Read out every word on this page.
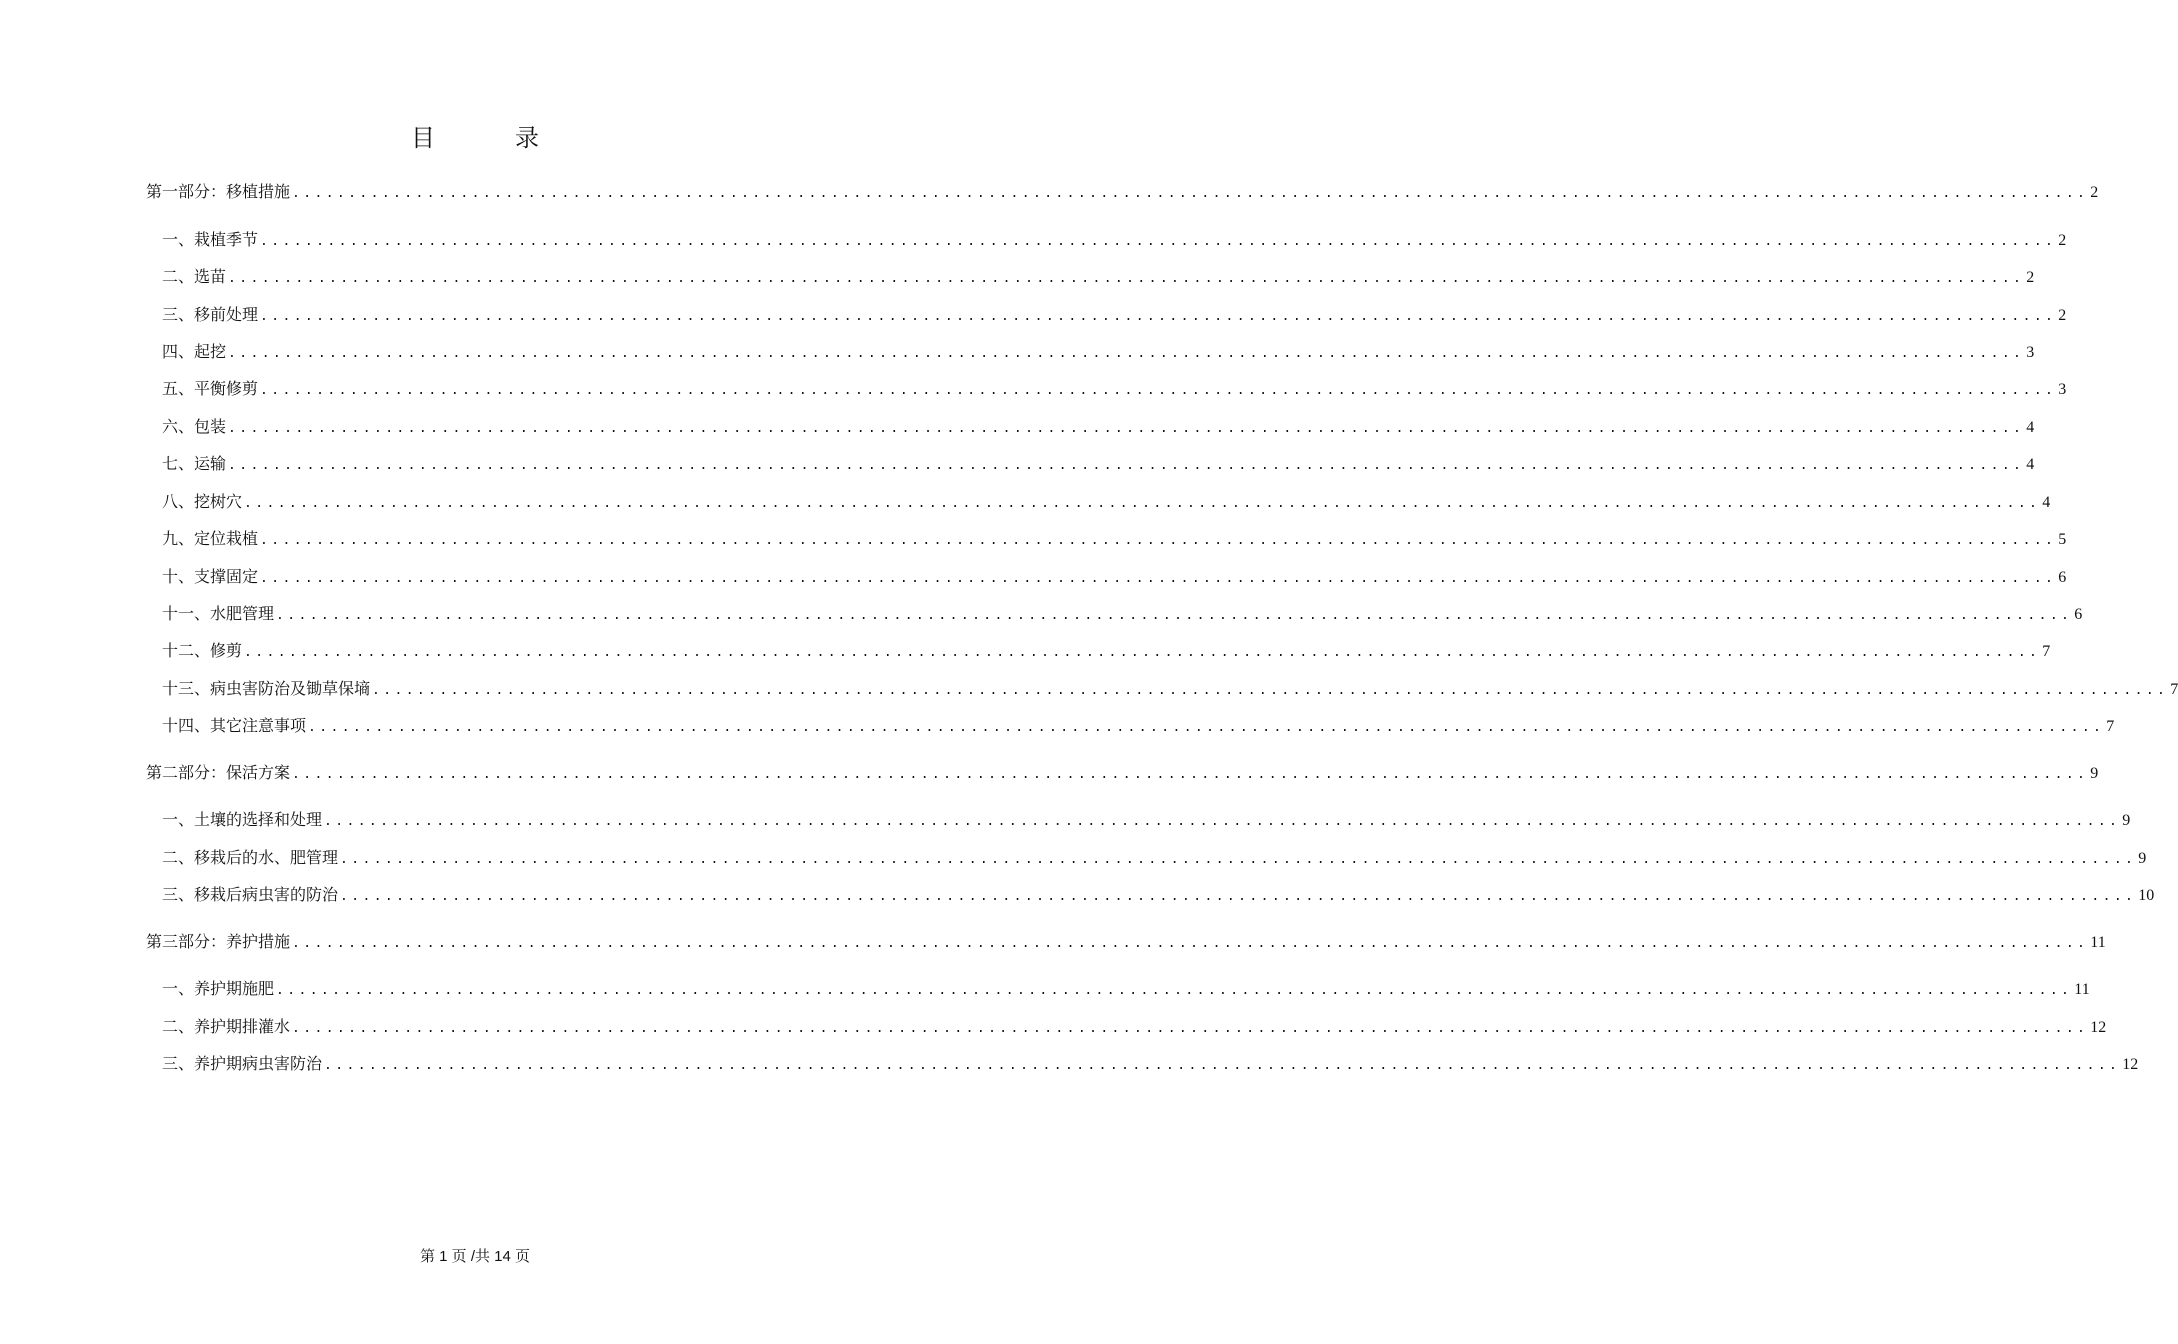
目　录
第一部分：移植措施 ................................................................................................................................................................ 2
一、栽植季节 ................................................................................................................................................................ 2
二、选苗 ................................................................................................................................................................ 2
三、移前处理 ................................................................................................................................................................ 2
四、起挖 ................................................................................................................................................................ 3
五、平衡修剪 ................................................................................................................................................................ 3
六、包装 ................................................................................................................................................................ 4
七、运输 ................................................................................................................................................................ 4
八、挖树穴 ................................................................................................................................................................ 4
九、定位栽植 ................................................................................................................................................................ 5
十、支撑固定 ................................................................................................................................................................ 6
十一、水肥管理 ................................................................................................................................................................ 6
十二、修剪 ................................................................................................................................................................ 7
十三、病虫害防治及锄草保墒 ................................................................................................................................................................ 7
十四、其它注意事项 ................................................................................................................................................................ 7
第二部分：保活方案 ................................................................................................................................................................ 9
一、土壤的选择和处理 ................................................................................................................................................................ 9
二、移栽后的水、肥管理 ................................................................................................................................................................ 9
三、移栽后病虫害的防治 ................................................................................................................................................................ 10
第三部分：养护措施 ................................................................................................................................................................ 11
一、养护期施肥 ................................................................................................................................................................ 11
二、养护期排灌水 ................................................................................................................................................................ 12
三、养护期病虫害防治 ................................................................................................................................................................ 12
第 1 页 /共 14 页
